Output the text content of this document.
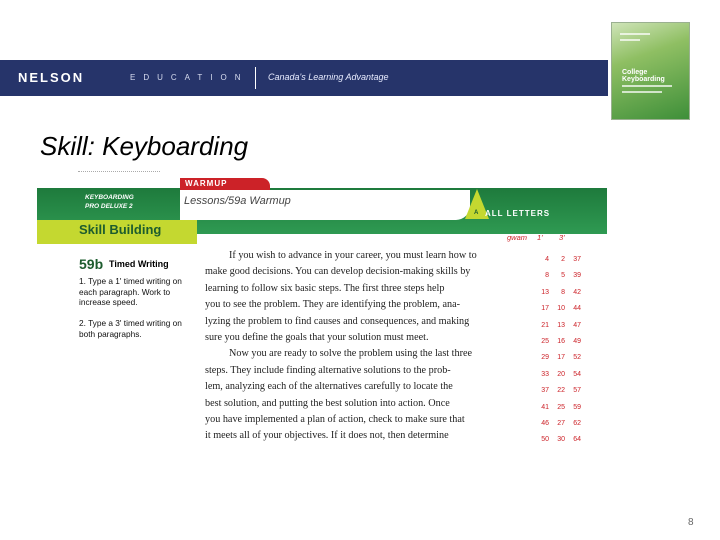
NELSON	EDUCATION Canada's Learning Advantage	College Keyboarding
Skill: Keyboarding
WARMUP
Lessons/59a Warmup
KEYBOARDING
PRO DELUXE 2
Skill Building
A ALL LETTERS
59b Timed Writing
1. Type a 1' timed writing on each paragraph. Work to increase speed.
2. Type a 3' timed writing on both paragraphs.
gwam 1' 3'
If you wish to advance in your career, you must learn how to
make good decisions. You can develop decision-making skills by
learning to follow six basic steps. The first three steps help
you to see the problem. They are identifying the problem, ana-
lyzing the problem to find causes and consequences, and making
sure you define the goals that your solution must meet.
Now you are ready to solve the problem using the last three
steps. They include finding alternative solutions to the prob-
lem, analyzing each of the alternatives carefully to locate the
best solution, and putting the best solution into action. Once
you have implemented a plan of action, check to make sure that
it meets all of your objectives. If it does not, then determine
4
8
13
17
21
25
29
33
37
41
46
50
2
5
8
10
13
16
17
20
22
25
27
30
37
39
42
44
47
49
52
54
57
59
62
64
8
